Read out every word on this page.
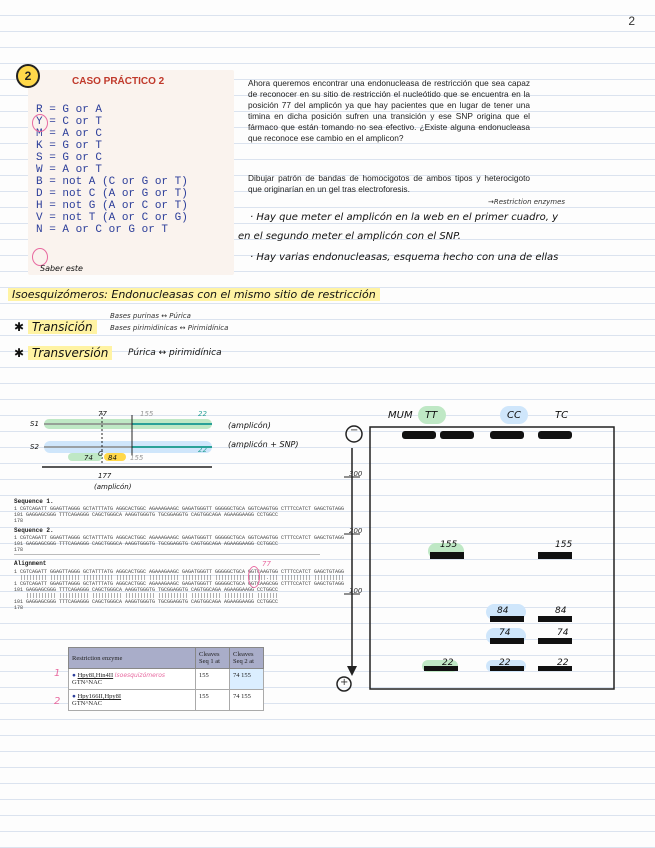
2
2	CASO PRÁCTICO 2
R = G or A
Y = C or T
M = A or C
K = G or T
S = G or C
W = A or T
B = not A (C or G or T)
D = not C (A or G or T)
H = not G (A or C or T)
V = not T (A or C or G)
N = A or C or G or T
Saber este
Ahora queremos encontrar una endonucleasa de restricción que sea capaz de reconocer en su sitio de restricción el nucleótido que se encuentra en la posición 77 del amplicón ya que hay pacientes que en lugar de tener una timina en dicha posición sufren una transición y ese SNP origina que el fármaco que están tomando no sea efectivo. ¿Existe alguna endonucleasa que reconoce ese cambio en el amplicon?
Dibujar patrón de bandas de homocigotos de ambos tipos y heterocigoto que originarían en un gel tras electroforesis.
→Restriction enzymes
· Hay que meter el amplicón en la web en el primer cuadro, y
en el segundo meter el amplicón con el SNP.
· Hay varias endonucleasas, esquema hecho con una de ellas
Isoesquizómeros: Endonucleasas con el mismo sitio de restricción
✱ Transición
Bases purinas ↔ Púrica
Bases pirimidinicas ↔ Pirimidínica
✱ Transversión	Púrica ↔ pirimidínica
S1
S2
77	155	22
22
C
74 84 155
(amplicón)
(amplicón + SNP)
177
(amplicón)
Sequence 1.
1 CGTCAGATT GGAGTTAGGG GCTATTTATG AGGCACTGGC AGAAAGAAGC GAGATGGGTT GGGGGCTGCA GGTCAAGTGG CTTTCCATCT GAGCTGTAGG
101 GAGGAGCGGG TTTCAGAGGG CAGCTGGGCA AAGGTGGGTG TGCGGAGGTG CAGTGGCAGA AGAAGGAAGG CCTGGCC
178
Sequence 2.
1 CGTCAGATT GGAGTTAGGG GCTATTTATG AGGCACTGGC AGAAAGAAGC GAGATGGGTT GGGGGCTGCA GGTCAAGTGG CTTTCCATCT GAGCTGTAGG
101 GAGGAGCGGG TTTCAGAGGG CAGCTGGGCA AAGGTGGGTG TGCGGAGGTG CAGTGGCAGA AGAAGGAAGG CCTGGCC
178
Alignment
1 CGTCAGATT GGAGTTAGGG GCTATTTATG AGGCACTGGC AGAAAGAAGC GAGATGGGTT GGGGGCTGCA GGTCAAGTGG CTTTCCATCT GAGCTGTAGG
||||||||| |||||||||| |||||||||| |||||||||| |||||||||| |||||||||| |||||||||| ||||||.||| |||||||||| ||||||||||
1 CGTCAGATT GGAGTTAGGG GCTATTTATG AGGCACTGGC AGAAAGAAGC GAGATGGGTT GGGGGCTGCA GGTCAAGCGG CTTTCCATCT GAGCTGTAGG
101 GAGGAGCGGG TTTCAGAGGG CAGCTGGGCA AAGGTGGGTG TGCGGAGGTG CAGTGGCAGA AGAAGGAAGG CCTGGCC
|||||||||| |||||||||| |||||||||| |||||||||| |||||||||| |||||||||| |||||||||| |||||||
101 GAGGAGCGGG TTTCAGAGGG CAGCTGGGCA AAGGTGGGTG TGCGGAGGTG CAGTGGCAGA AGAAGGAAGG CCTGGCC
178
77
Restriction enzyme	Cleaves Seq 1 at	Cleaves Seq 2 at
● Hpy8I,Hin4II Isoesquizómeros
GTN^NAC	155	74 155
● Hpy166II,Hpy8I
GTN^NAC	155	74 155
1
2
MUM TT	CC	TC
300
200
100
−
+
155
22
84
74
22
155
84
74
22
